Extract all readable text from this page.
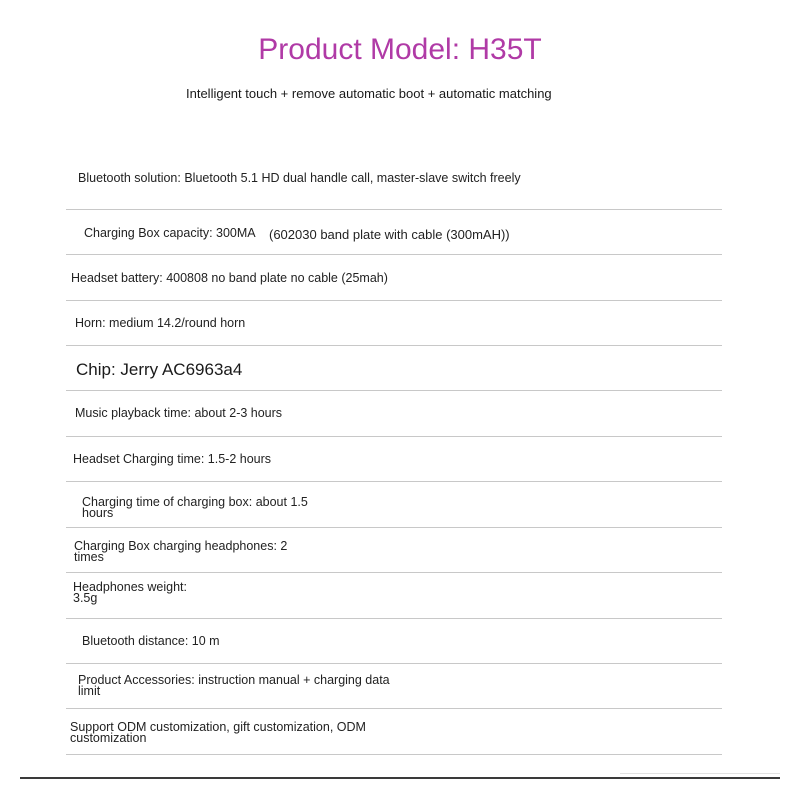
Product Model: H35T
Intelligent touch + remove automatic boot + automatic matching
Bluetooth solution: Bluetooth 5.1 HD dual handle call, master-slave switch freely
Charging Box capacity: 300MA (602030 band plate with cable (300mAH))
Headset battery: 400808 no band plate no cable (25mah)
Horn: medium 14.2/round horn
Chip: Jerry AC6963a4
Music playback time: about 2-3 hours
Headset Charging time: 1.5-2 hours
Charging time of charging box: about 1.5 hours
Charging Box charging headphones: 2 times
Headphones weight: 3.5g
Bluetooth distance: 10 m
Product Accessories: instruction manual + charging data limit
Support ODM customization, gift customization, ODM customization
